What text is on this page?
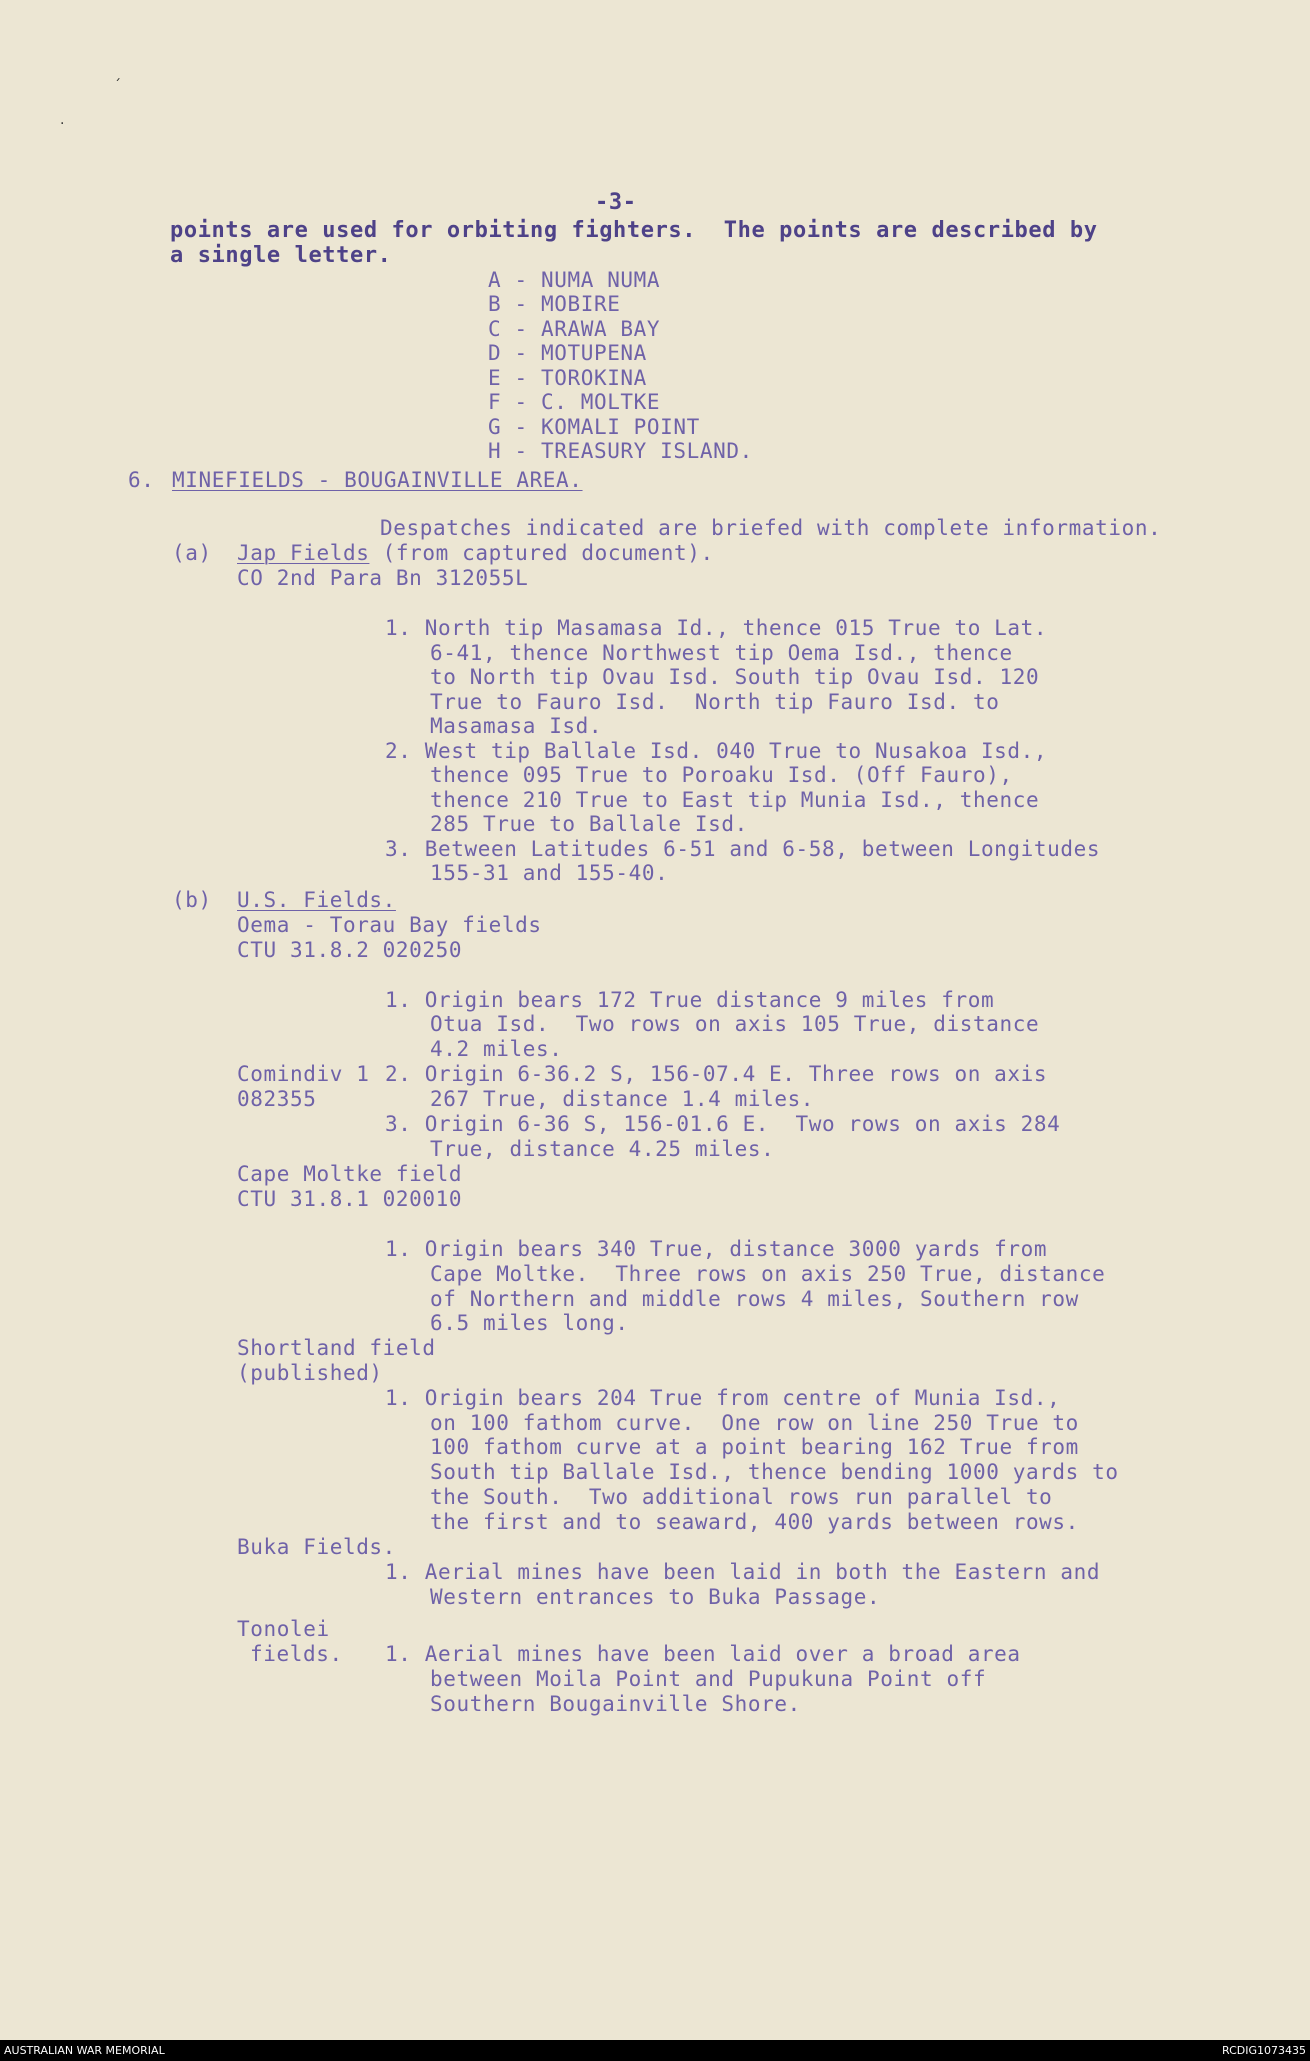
ˊ
·
-3-
points are used for orbiting fighters.  The points are described by
a single letter.
A - NUMA NUMA
B - MOBIRE
C - ARAWA BAY
D - MOTUPENA
E - TOROKINA
F - C. MOLTKE
G - KOMALI POINT
H - TREASURY ISLAND.
6. MINEFIELDS - BOUGAINVILLE AREA.
Despatches indicated are briefed with complete information.
(a) Jap Fields (from captured document).
CO 2nd Para Bn 312055L
1. North tip Masamasa Id., thence 015 True to Lat.
6-41, thence Northwest tip Oema Isd., thence
to North tip Ovau Isd. South tip Ovau Isd. 120
True to Fauro Isd.  North tip Fauro Isd. to
Masamasa Isd.
2. West tip Ballale Isd. 040 True to Nusakoa Isd.,
thence 095 True to Poroaku Isd. (Off Fauro),
thence 210 True to East tip Munia Isd., thence
285 True to Ballale Isd.
3. Between Latitudes 6-51 and 6-58, between Longitudes
155-31 and 155-40.
(b) U.S. Fields.
Oema - Torau Bay fields
CTU 31.8.2 020250
1. Origin bears 172 True distance 9 miles from
Otua Isd.  Two rows on axis 105 True, distance
4.2 miles.
Comindiv 1 2. Origin 6-36.2 S, 156-07.4 E. Three rows on axis
082355	267 True, distance 1.4 miles.
3. Origin 6-36 S, 156-01.6 E.  Two rows on axis 284
True, distance 4.25 miles.
Cape Moltke field
CTU 31.8.1 020010
1. Origin bears 340 True, distance 3000 yards from
Cape Moltke.  Three rows on axis 250 True, distance
of Northern and middle rows 4 miles, Southern row
6.5 miles long.
Shortland field
(published)
1. Origin bears 204 True from centre of Munia Isd.,
on 100 fathom curve.  One row on line 250 True to
100 fathom curve at a point bearing 162 True from
South tip Ballale Isd., thence bending 1000 yards to
the South.  Two additional rows run parallel to
the first and to seaward, 400 yards between rows.
Buka Fields.
1. Aerial mines have been laid in both the Eastern and
Western entrances to Buka Passage.
Tonolei
fields. 1. Aerial mines have been laid over a broad area
between Moila Point and Pupukuna Point off
Southern Bougainville Shore.
AUSTRALIAN WAR MEMORIAL	RCDIG1073435
